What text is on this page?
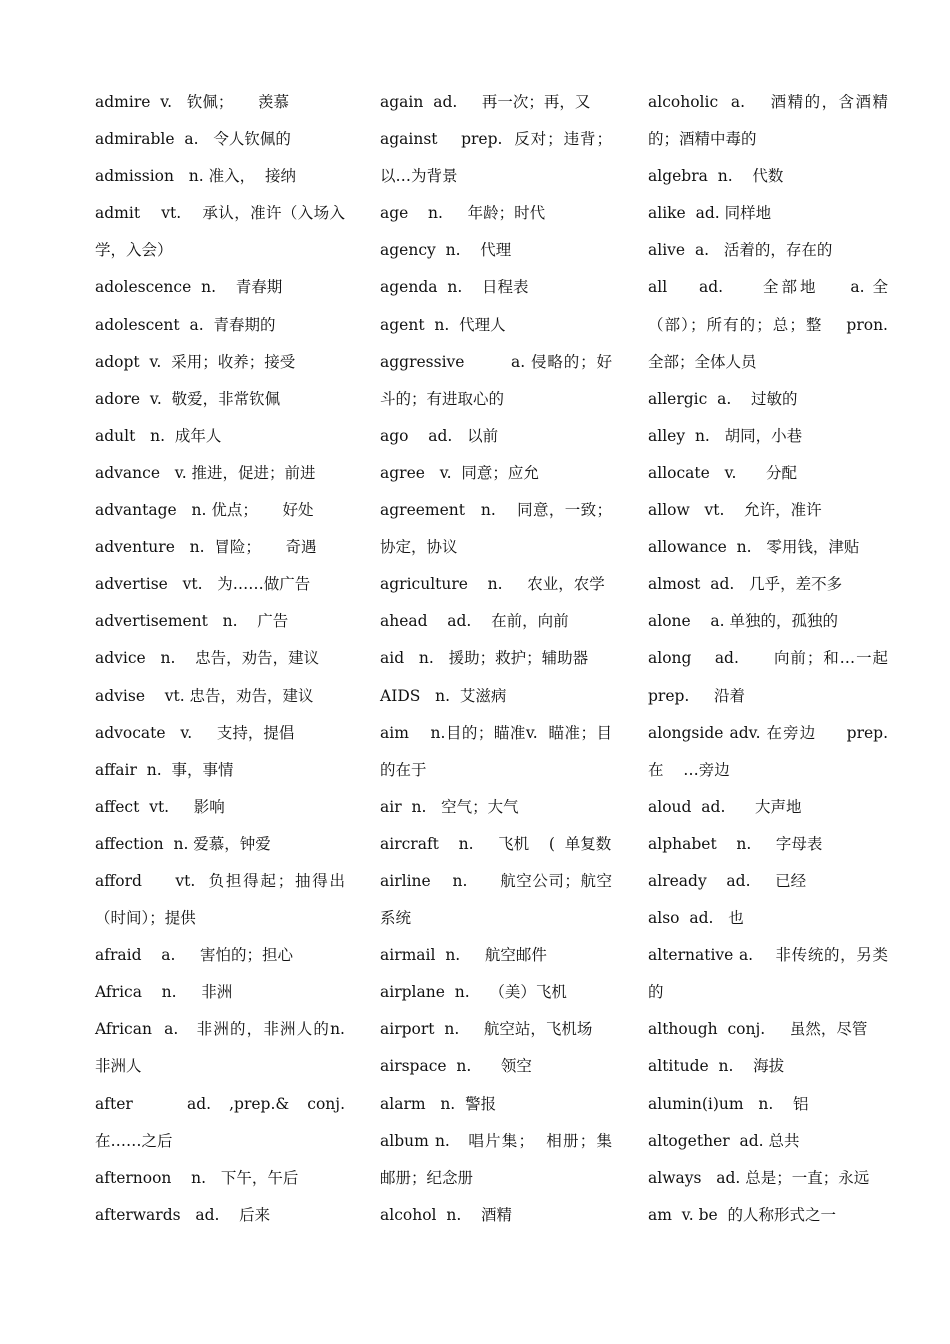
admire  v.   钦佩；     羡慕
admirable  a.   令人钦佩的
admission   n. 准入，  接纳
admit    vt.    承认，准许（入场入学，入会）
adolescence  n.    青春期
adolescent  a.  青春期的
adopt  v.  采用；收养；接受
adore  v.  敬爱，非常钦佩
adult   n.  成年人
advance   v. 推进，促进；前进
advantage   n. 优点；     好处
adventure   n.  冒险；     奇遇
advertise   vt.   为……做广告
advertisement   n.    广告
advice   n.    忠告，劝告，建议
advise    vt. 忠告，劝告，建议
advocate   v.     支持，提倡
affair  n.  事，事情
affect  vt.     影响
affection  n. 爱慕，钟爱
afford     vt.  负担得起；抽得出（时间）；提供
afraid    a.     害怕的；担心
Africa    n.     非洲
African  a.   非洲的，非洲人的n. 非洲人
after   ad. ,prep.& conj.     在……之后
afternoon    n.   下午，午后
afterwards   ad.    后来
again  ad.     再一次；再，又
against    prep.  反对；违背；以…为背景
age    n.     年龄；时代
agency  n.    代理
agenda  n.    日程表
agent  n.  代理人
aggressive        a. 侵略的；好斗的；有进取心的
ago    ad.   以前
agree   v.  同意；应允
agreement   n.    同意，一致；协定，协议
agriculture    n.     农业，农学
ahead    ad.    在前，向前
aid   n.   援助；救护；辅助器
AIDS   n.  艾滋病
aim    n.目的；瞄准v.  瞄准；目的在于
air  n.   空气；大气
aircraft    n.     飞机    (  单复数
airline    n.      航空公司；航空系统
airmail  n.     航空邮件
airplane  n.    （美）飞机
airport  n.     航空站，飞机场
airspace  n.      领空
alarm   n.  警报
album n.   唱片集；  相册；集邮册；纪念册
alcohol  n.    酒精
alcoholic  a.    酒精的，含酒精的；酒精中毒的
algebra  n.    代数
alike  ad. 同样地
alive  a.   活着的，存在的
all    ad.     全部地    a. 全（部）；所有的；总；整    pron.    全部；全体人员
allergic  a.    过敏的
alley  n.   胡同，小巷
allocate   v.      分配
allow   vt.    允许，准许
allowance  n.   零用钱，津贴
almost  ad.   几乎，差不多
alone    a. 单独的，孤独的
along    ad.      向前；和…一起 prep.     沿着
alongside adv. 在旁边     prep.  在    …旁边
aloud  ad.      大声地
alphabet    n.     字母表
already    ad.     已经
also  ad.   也
alternative a.    非传统的，另类的
although  conj.     虽然，尽管
altitude  n.    海拔
alumin(i)um   n.    铝
altogether  ad. 总共
always   ad. 总是；一直；永远
am  v. be  的人称形式之一
